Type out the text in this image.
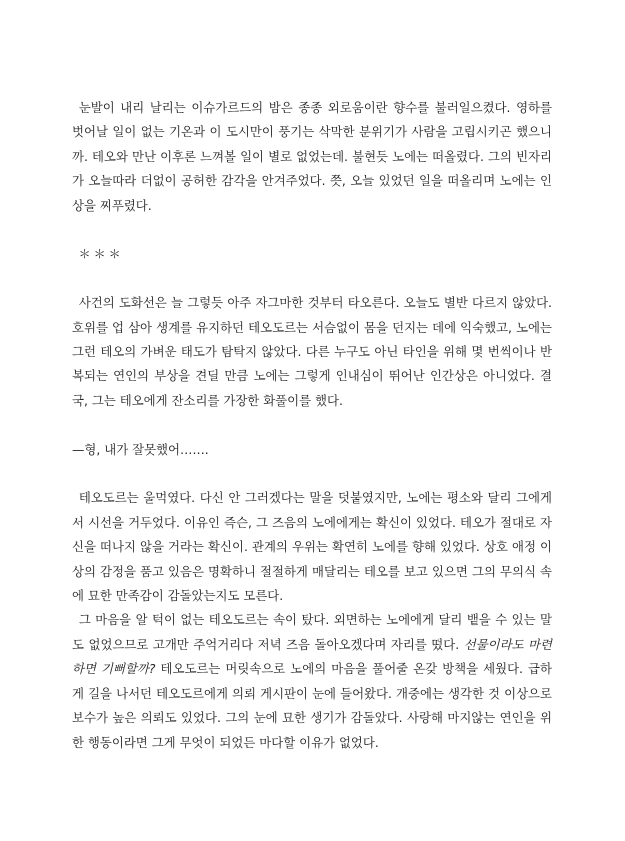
눈발이 내리 날리는 이슈가르드의 밤은 종종 외로움이란 향수를 불러일으켰다. 영하를 벗어날 일이 없는 기온과 이 도시만이 풍기는 삭막한 분위기가 사람을 고립시키곤 했으니까. 테오와 만난 이후론 느껴볼 일이 별로 없었는데. 불현듯 노에는 떠올렸다. 그의 빈자리가 오늘따라 더없이 공허한 감각을 안겨주었다. 쯧, 오늘 있었던 일을 떠올리며 노에는 인상을 찌푸렸다.

＊＊＊

사건의 도화선은 늘 그렇듯 아주 자그마한 것부터 타오른다. 오늘도 별반 다르지 않았다. 호위를 업 삼아 생계를 유지하던 테오도르는 서슴없이 몸을 던지는 데에 익숙했고, 노에는 그런 테오의 가벼운 태도가 탐탁지 않았다. 다른 누구도 아닌 타인을 위해 몇 번씩이나 반복되는 연인의 부상을 견딜 만큼 노에는 그렇게 인내심이 뛰어난 인간상은 아니었다. 결국, 그는 테오에게 잔소리를 가장한 화풀이를 했다.

—형, 내가 잘못했어…….

테오도르는 울먹였다. 다신 안 그러겠다는 말을 덧붙였지만, 노에는 평소와 달리 그에게서 시선을 거두었다. 이유인 즉슨, 그 즈음의 노에에게는 확신이 있었다. 테오가 절대로 자신을 떠나지 않을 거라는 확신이. 관계의 우위는 확연히 노에를 향해 있었다. 상호 애정 이상의 감정을 품고 있음은 명확하니 절절하게 매달리는 테오를 보고 있으면 그의 무의식 속에 묘한 만족감이 감돌았는지도 모른다.

그 마음을 알 턱이 없는 테오도르는 속이 탔다. 외면하는 노에에게 달리 뱉을 수 있는 말도 없었으므로 고개만 주억거리다 저녁 즈음 돌아오겠다며 자리를 떴다. 선물이라도 마련하면 기뻐할까? 테오도르는 머릿속으로 노에의 마음을 풀어줄 온갖 방책을 세웠다. 급하게 길을 나서던 테오도르에게 의뢰 게시판이 눈에 들어왔다. 개중에는 생각한 것 이상으로 보수가 높은 의뢰도 있었다. 그의 눈에 묘한 생기가 감돌았다. 사랑해 마지않는 연인을 위한 행동이라면 그게 무엇이 되었든 마다할 이유가 없었다.
